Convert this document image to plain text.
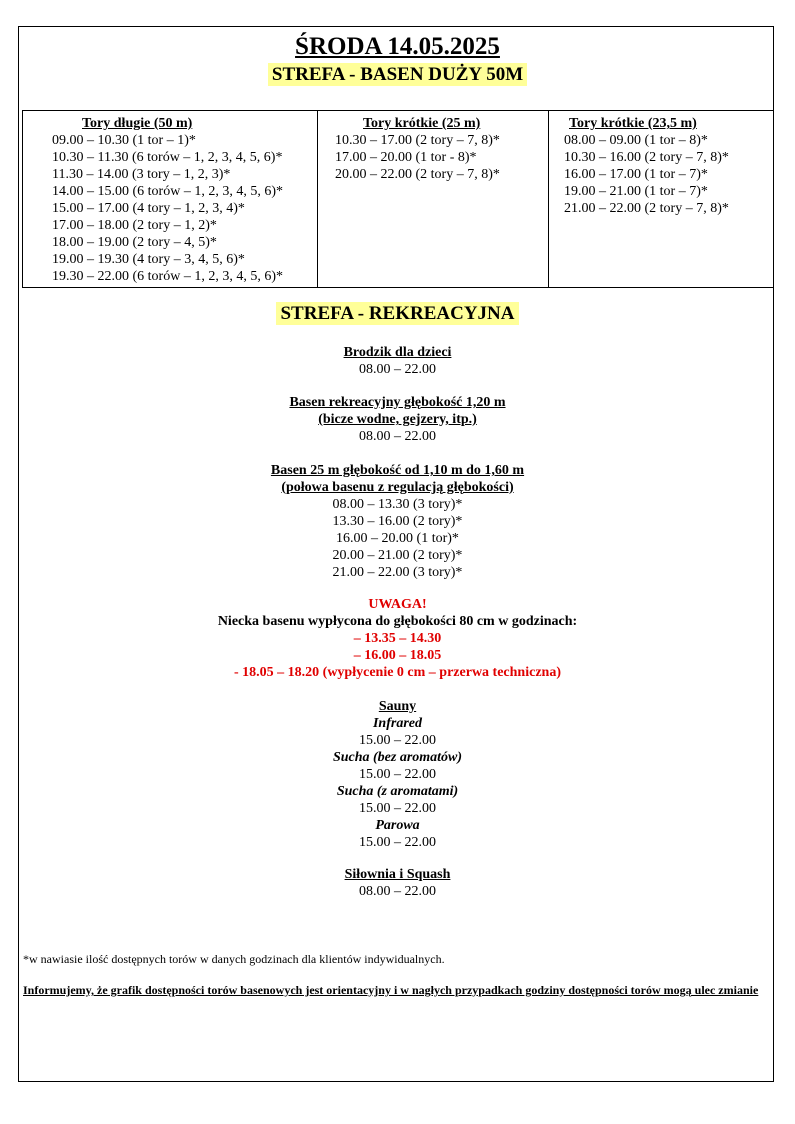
ŚRODA 14.05.2025
STREFA - BASEN DUŻY 50M
Tory długie (50 m)
09.00 – 10.30 (1 tor – 1)*
10.30 – 11.30 (6 torów – 1, 2, 3, 4, 5, 6)*
11.30 – 14.00 (3 tory – 1, 2, 3)*
14.00 – 15.00 (6 torów – 1, 2, 3, 4, 5, 6)*
15.00 – 17.00 (4 tory – 1, 2, 3, 4)*
17.00 – 18.00 (2 tory – 1, 2)*
18.00 – 19.00 (2 tory – 4, 5)*
19.00 – 19.30 (4 tory – 3, 4, 5, 6)*
19.30 – 22.00 (6 torów – 1, 2, 3, 4, 5, 6)*
Tory krótkie (25 m)
10.30 – 17.00 (2 tory – 7, 8)*
17.00 – 20.00 (1 tor - 8)*
20.00 – 22.00 (2 tory – 7, 8)*
Tory krótkie (23,5 m)
08.00 – 09.00 (1 tor – 8)*
10.30 – 16.00 (2 tory – 7, 8)*
16.00 – 17.00 (1 tor – 7)*
19.00 – 21.00 (1 tor – 7)*
21.00 – 22.00 (2 tory – 7, 8)*
STREFA - REKREACYJNA
Brodzik dla dzieci
08.00 – 22.00
Basen rekreacyjny głębokość 1,20 m
(bicze wodne, gejzery, itp.)
08.00 – 22.00
Basen 25 m głębokość od 1,10 m do 1,60 m
(połowa basenu z regulacją głębokości)
08.00 – 13.30 (3 tory)*
13.30 – 16.00 (2 tory)*
16.00 – 20.00 (1 tor)*
20.00 – 21.00 (2 tory)*
21.00 – 22.00 (3 tory)*
UWAGA!
Niecka basenu wypłycona do głębokości 80 cm w godzinach:
– 13.35 – 14.30
– 16.00 – 18.05
- 18.05 – 18.20 (wypłycenie 0 cm – przerwa techniczna)
Sauny
Infrared
15.00 – 22.00
Sucha (bez aromatów)
15.00 – 22.00
Sucha (z aromatami)
15.00 – 22.00
Parowa
15.00 – 22.00
Siłownia i Squash
08.00 – 22.00
*w nawiasie ilość dostępnych torów w danych godzinach dla klientów indywidualnych.
Informujemy, że grafik dostępności torów basenowych jest orientacyjny i w nagłych przypadkach godziny dostępności torów mogą ulec zmianie
